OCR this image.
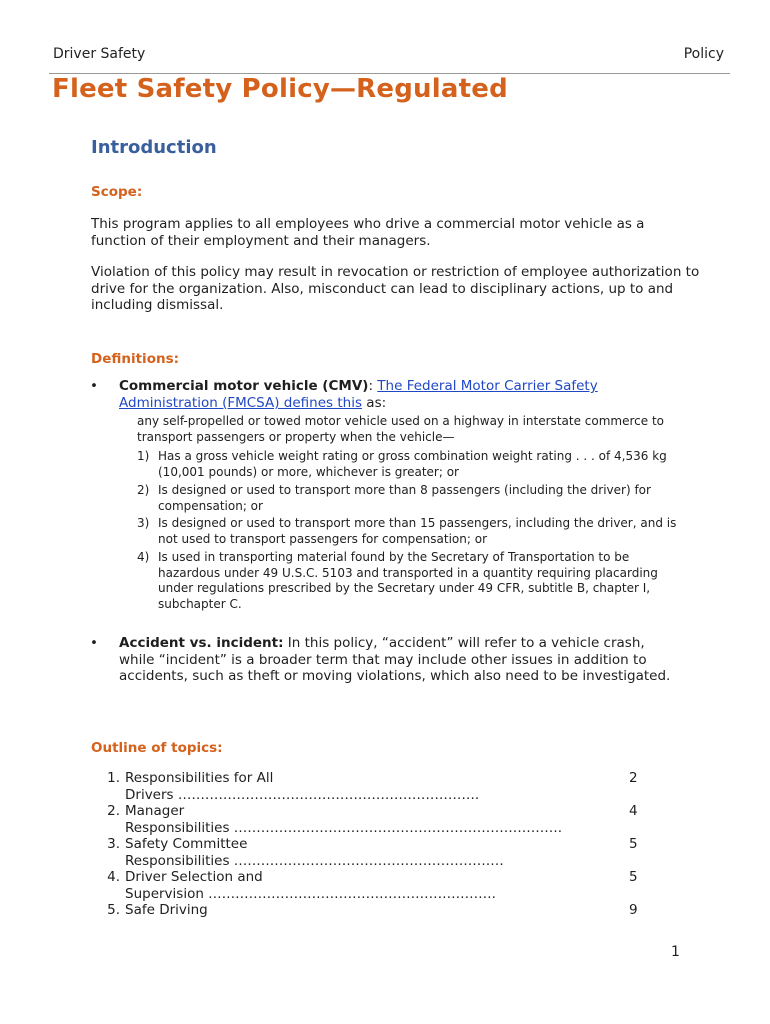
Driver Safety	Policy
Fleet Safety Policy—Regulated
Introduction
Scope:
This program applies to all employees who drive a commercial motor vehicle as a function of their employment and their managers.
Violation of this policy may result in revocation or restriction of employee authorization to drive for the organization. Also, misconduct can lead to disciplinary actions, up to and including dismissal.
Definitions:
• Commercial motor vehicle (CMV): The Federal Motor Carrier Safety Administration (FMCSA) defines this as:
any self-propelled or towed motor vehicle used on a highway in interstate commerce to transport passengers or property when the vehicle—
1) Has a gross vehicle weight rating or gross combination weight rating . . . of 4,536 kg (10,001 pounds) or more, whichever is greater; or
2) Is designed or used to transport more than 8 passengers (including the driver) for compensation; or
3) Is designed or used to transport more than 15 passengers, including the driver, and is not used to transport passengers for compensation; or
4) Is used in transporting material found by the Secretary of Transportation to be hazardous under 49 U.S.C. 5103 and transported in a quantity requiring placarding under regulations prescribed by the Secretary under 49 CFR, subtitle B, chapter I, subchapter C.
• Accident vs. incident: In this policy, “accident” will refer to a vehicle crash, while “incident” is a broader term that may include other issues in addition to accidents, such as theft or moving violations, which also need to be investigated.
Outline of topics:
1. Responsibilities for All
Drivers ………………………………………………………….
2
2. Manager
Responsibilities ……………………………………………………………….
4
3. Safety Committee
Responsibilities ……………………………………………………
5
4. Driver Selection and
Supervision ……………………………………………………….
5
5. Safe Driving	9
1
